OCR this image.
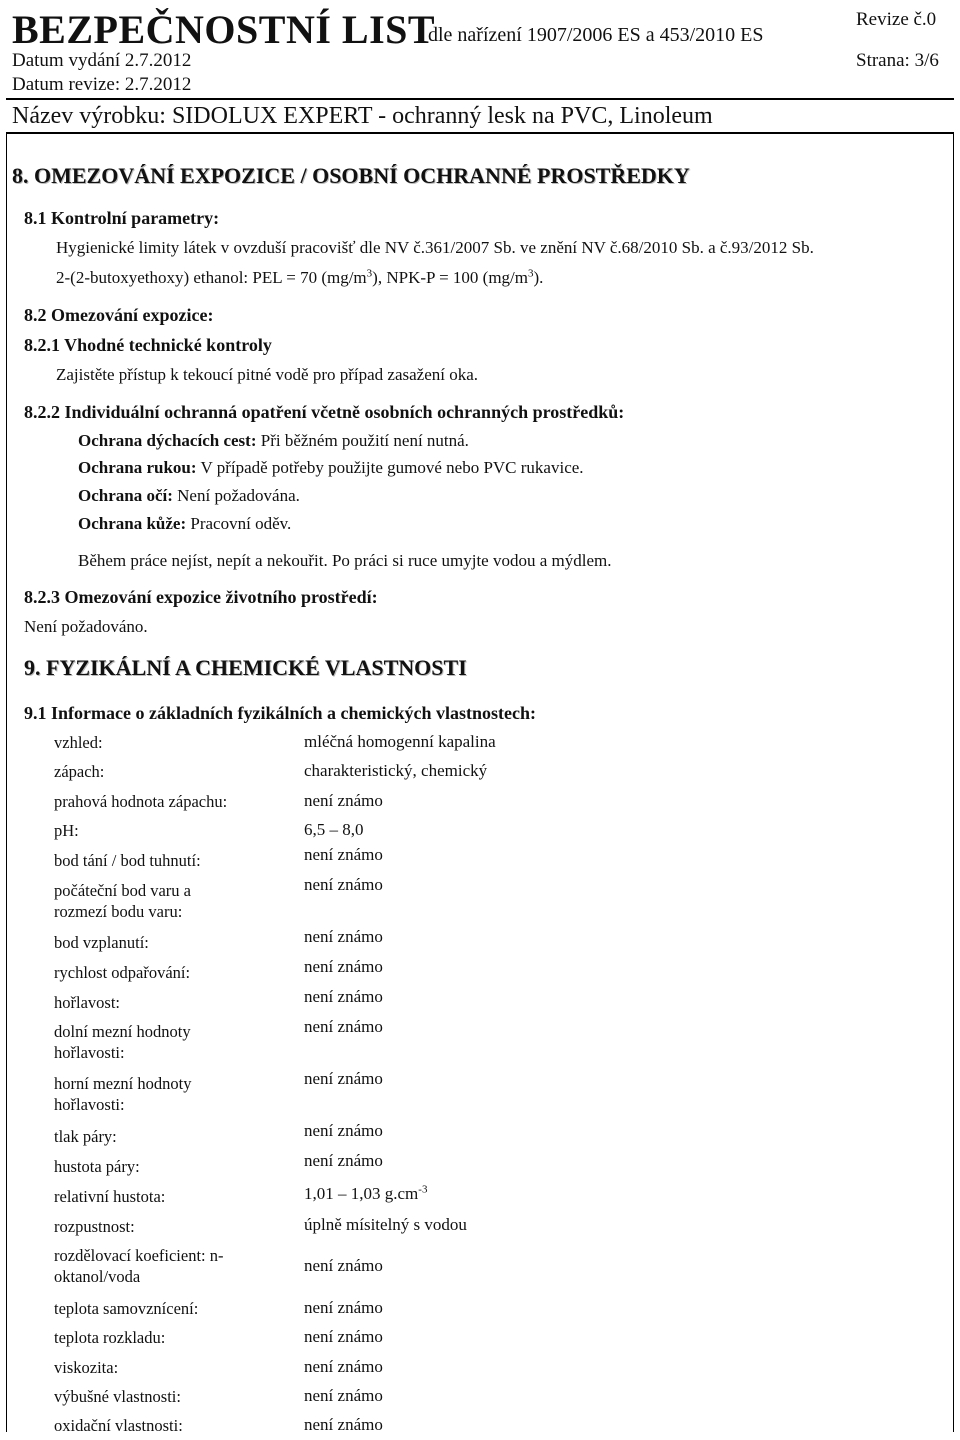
BEZPEČNOSTNÍ LIST
dle nařízení 1907/2006 ES a 453/2010 ES
Revize č.0
Datum vydání 2.7.2012	Strana: 3/6
Datum revize: 2.7.2012
Název výrobku: SIDOLUX EXPERT - ochranný lesk na PVC, Linoleum
8. OMEZOVÁNÍ EXPOZICE / OSOBNÍ OCHRANNÉ PROSTŘEDKY
8.1 Kontrolní parametry:
Hygienické limity látek v ovzduší pracovišť dle NV č.361/2007 Sb. ve znění NV č.68/2010 Sb. a č.93/2012 Sb.
2-(2-butoxyethoxy) ethanol: PEL = 70 $(mg/m^3)$, NPK-P = 100 $(mg/m^3)$.
8.2 Omezování expozice:
8.2.1 Vhodné technické kontroly
Zajistěte přístup k tekoucí pitné vodě pro případ zasažení oka.
8.2.2 Individuální ochranná opatření včetně osobních ochranných prostředků:
Ochrana dýchacích cest: Při běžném použití není nutná.
Ochrana rukou: V případě potřeby použijte gumové nebo PVC rukavice.
Ochrana očí: Není požadována.
Ochrana kůže: Pracovní oděv.
Během práce nejíst, nepít a nekouřit. Po práci si ruce umyjte vodou a mýdlem.
8.2.3 Omezování expozice životního prostředí:
Není požadováno.
9. FYZIKÁLNÍ A CHEMICKÉ VLASTNOSTI
9.1 Informace o základních fyzikálních a chemických vlastnostech:
vzhled:	mléčná homogenní kapalina
zápach:	charakteristický, chemický
prahová hodnota zápachu:	není známo
pH:	6,5 – 8,0
bod tání / bod tuhnutí:	není známo
počáteční bod varu a rozmezí bodu varu:
není známo
bod vzplanutí:	není známo
rychlost odpařování:	není známo
hořlavost:	není známo
dolní mezní hodnoty hořlavosti:
není známo
horní mezní hodnoty hořlavosti:
není známo
tlak páry:	není známo
hustota páry:	není známo
relativní hustota:	1,01 – 1,03 $g.cm^{-3}$
rozpustnost:	úplně mísitelný s vodou
rozdělovací koeficient: n-oktanol/voda
není známo
teplota samovznícení:	není známo
teplota rozkladu:	není známo
viskozita:	není známo
výbušné vlastnosti:	není známo
oxidační vlastnosti:	není známo
